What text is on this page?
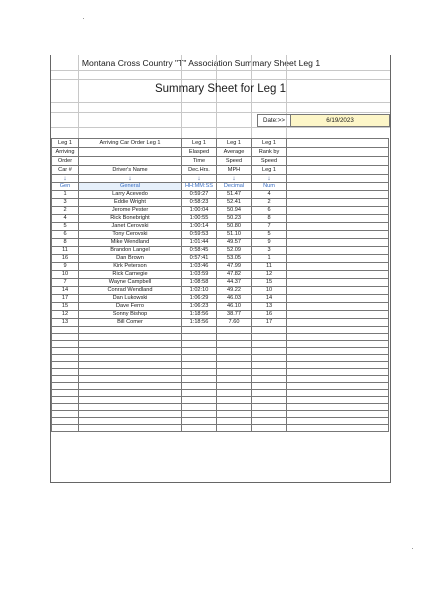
Montana Cross Country "T" Association Summary Sheet Leg 1
Summary Sheet for Leg 1
Date:>>	6/19/2023
Leg 1	Arriving Car Order Leg 1	Leg 1	Leg 1	Leg 1	
Arriving		Elasped	Average	Rank by	
Order		Time	Speed	Speed	
Car #	Driver's Name	Dec.Hrs.	MPH	Leg 1	
↓	↓	↓	↓	↓	
Gen	General	HH:MM:SS	Decimal	Num	
1	Larry Acevedo	0:59:27	51.47	4	
3	Eddie Wright	0:58:23	52.41	2	
2	Jerome Pester	1:00:04	50.94	6	
4	Rick Bonebright	1:00:55	50.23	8	
5	Janet Cerovski	1:00:14	50.80	7	
6	Tony Cerovski	0:59:53	51.10	5	
8	Mike Wendland	1:01:44	49.57	9	
11	Brandon Langel	0:58:45	52.09	3	
16	Dan Brown	0:57:41	53.05	1	
9	Kirk Peterson	1:03:46	47.99	11	
10	Rick Carnegie	1:03:59	47.82	12	
7	Wayne Campbell	1:08:58	44.37	15	
14	Conrad Wendland	1:02:10	49.22	10	
17	Dan Lukowski	1:06:29	46.03	14	
15	Dave Ferro	1:06:23	46.10	13	
12	Sonny Bishop	1:18:56	38.77	16	
13	Bill Comer	1:18:56	7.60	17	
